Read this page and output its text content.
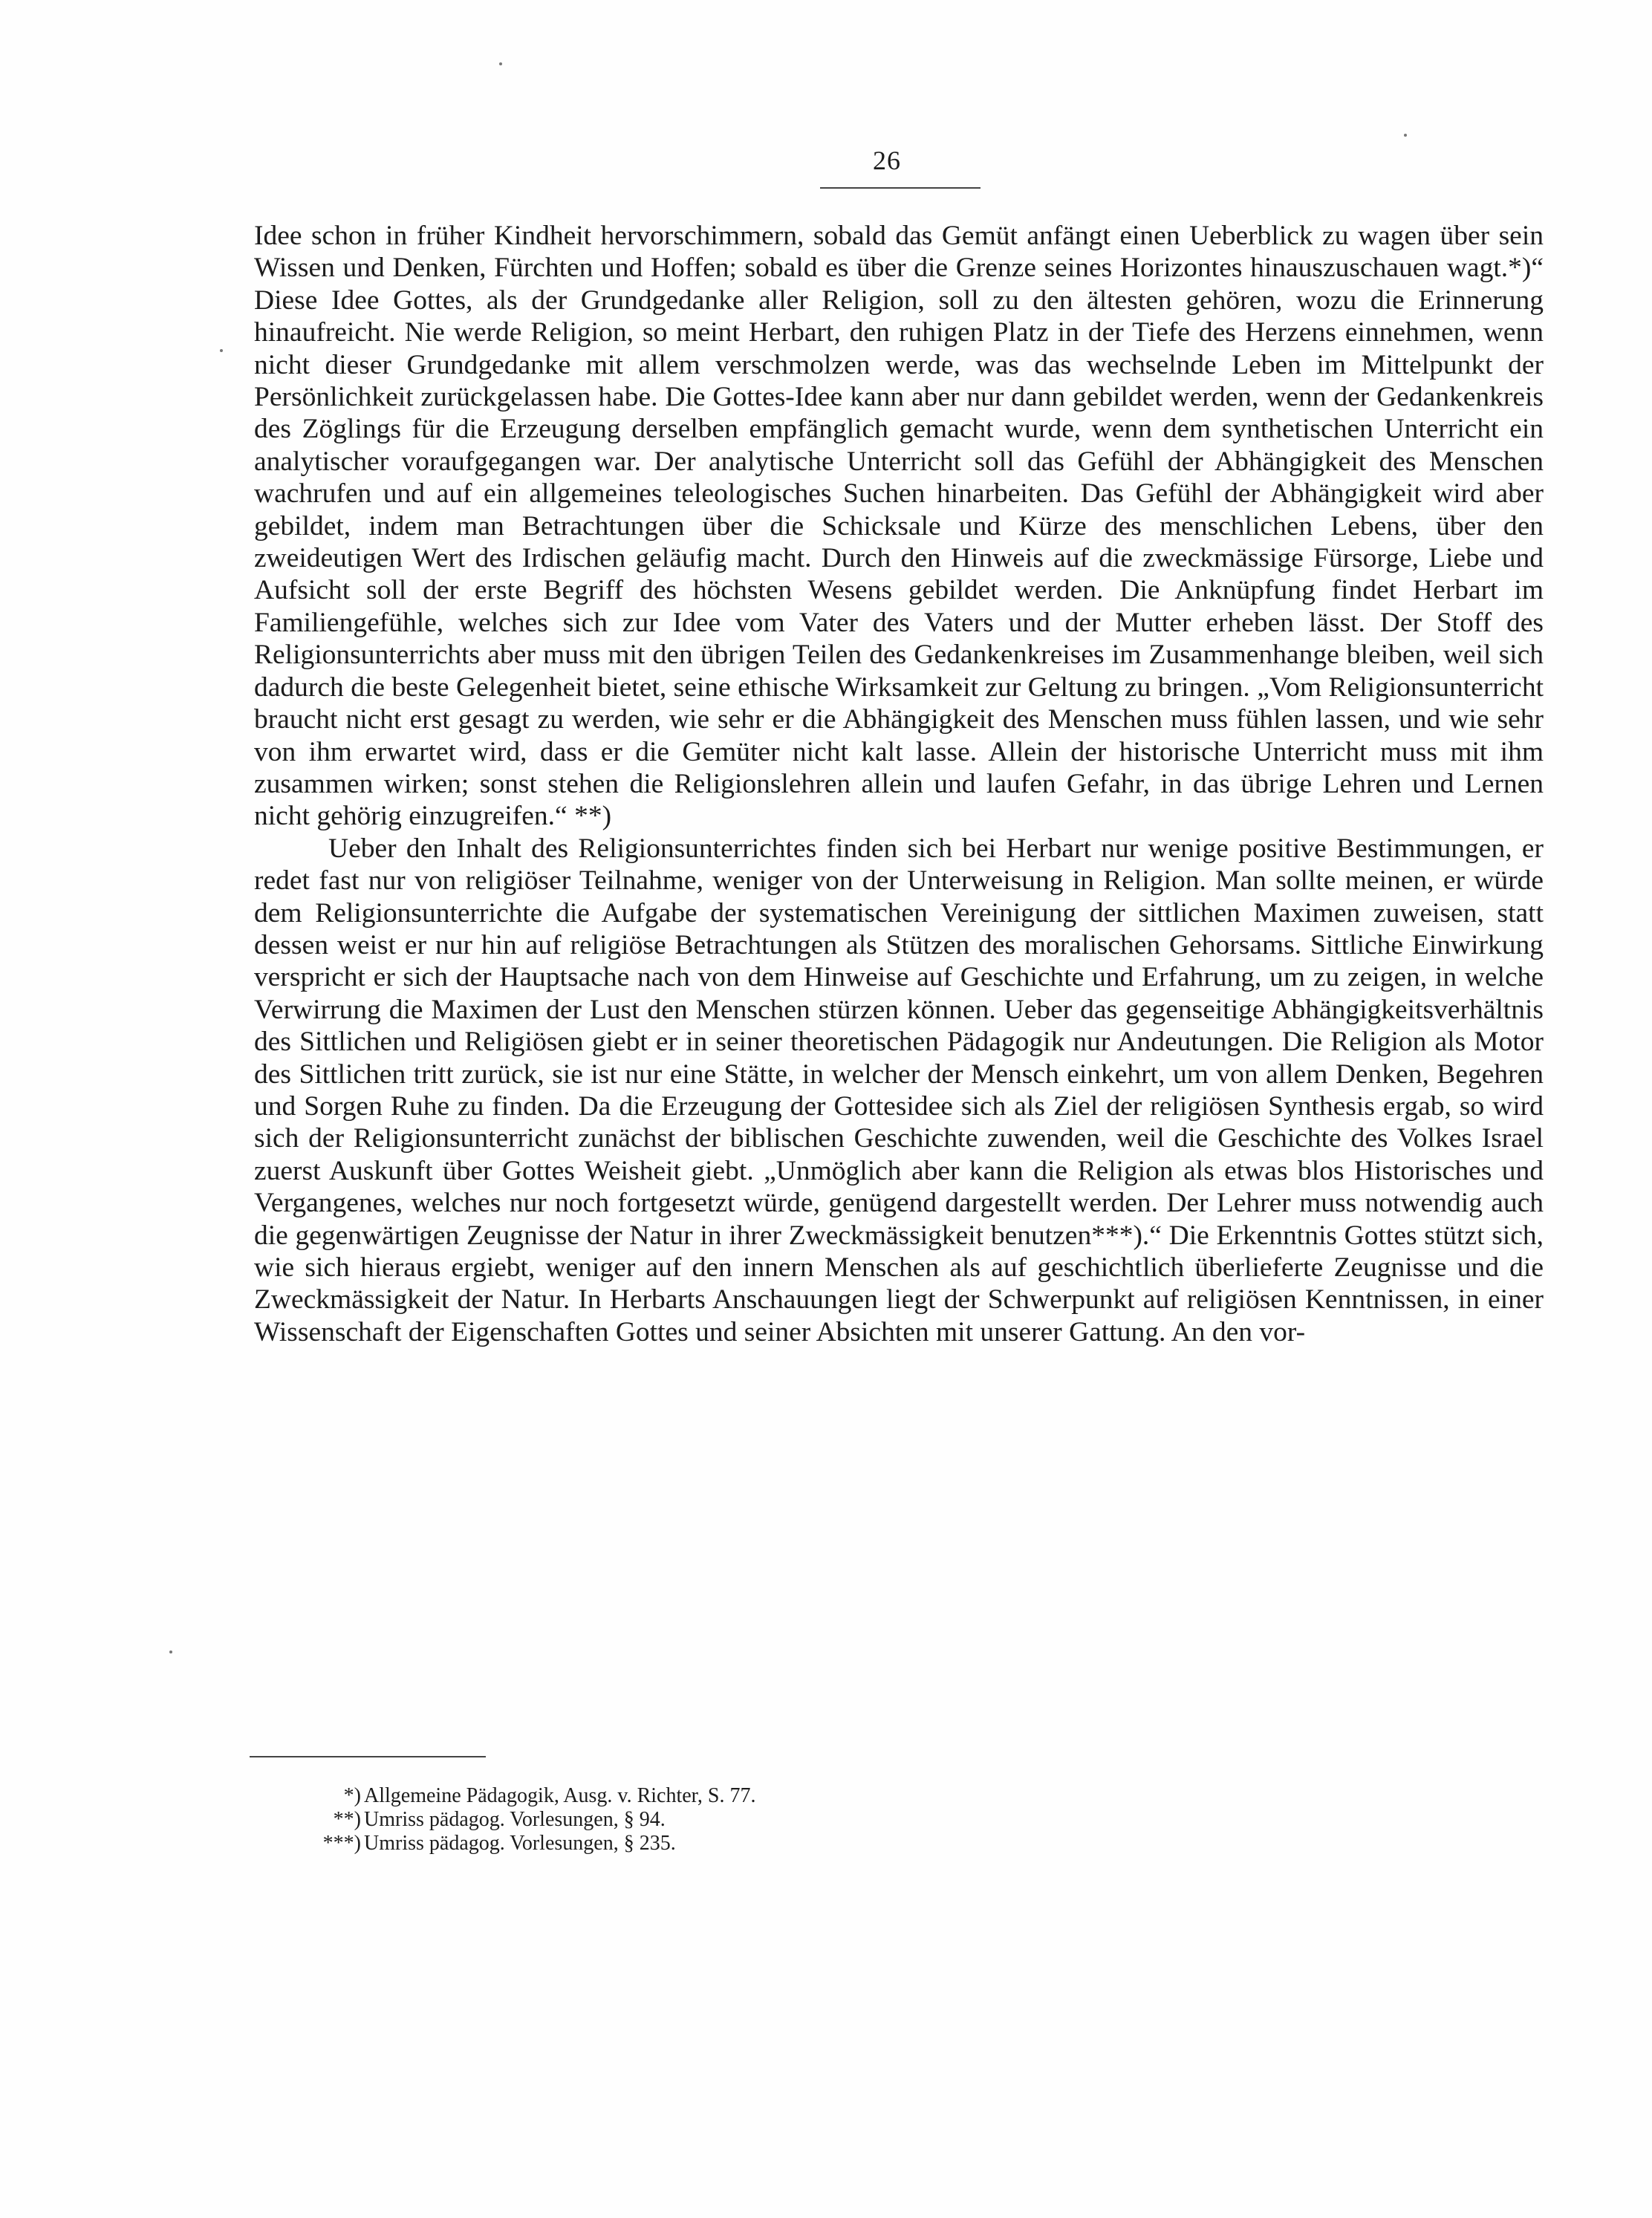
26

Idee schon in früher Kindheit hervorschimmern, sobald das Gemüt anfängt einen Ueberblick zu wagen über sein Wissen und Denken, Fürchten und Hoffen; sobald es über die Grenze seines Horizontes hinauszuschauen wagt.*)“ Diese Idee Gottes, als der Grundgedanke aller Religion, soll zu den ältesten gehören, wozu die Erinnerung hinaufreicht. Nie werde Religion, so meint Herbart, den ruhigen Platz in der Tiefe des Herzens einnehmen, wenn nicht dieser Grundgedanke mit allem verschmolzen werde, was das wechselnde Leben im Mittelpunkt der Persönlichkeit zurückgelassen habe. Die Gottes-Idee kann aber nur dann gebildet werden, wenn der Gedankenkreis des Zöglings für die Erzeugung derselben empfänglich gemacht wurde, wenn dem synthetischen Unterricht ein analytischer voraufgegangen war. Der analytische Unterricht soll das Gefühl der Abhängigkeit des Menschen wachrufen und auf ein allgemeines teleologisches Suchen hinarbeiten. Das Gefühl der Abhängigkeit wird aber gebildet, indem man Betrachtungen über die Schicksale und Kürze des menschlichen Lebens, über den zweideutigen Wert des Irdischen geläufig macht. Durch den Hinweis auf die zweckmässige Fürsorge, Liebe und Aufsicht soll der erste Begriff des höchsten Wesens gebildet werden. Die Anknüpfung findet Herbart im Familiengefühle, welches sich zur Idee vom Vater des Vaters und der Mutter erheben lässt. Der Stoff des Religionsunterrichts aber muss mit den übrigen Teilen des Gedankenkreises im Zusammenhange bleiben, weil sich dadurch die beste Gelegenheit bietet, seine ethische Wirksamkeit zur Geltung zu bringen. „Vom Religionsunterricht braucht nicht erst gesagt zu werden, wie sehr er die Abhängigkeit des Menschen muss fühlen lassen, und wie sehr von ihm erwartet wird, dass er die Gemüter nicht kalt lasse. Allein der historische Unterricht muss mit ihm zusammen wirken; sonst stehen die Religionslehren allein und laufen Gefahr, in das übrige Lehren und Lernen nicht gehörig einzugreifen.“ **)

Ueber den Inhalt des Religionsunterrichtes finden sich bei Herbart nur wenige positive Bestimmungen, er redet fast nur von religiöser Teilnahme, weniger von der Unterweisung in Religion. Man sollte meinen, er würde dem Religionsunterrichte die Aufgabe der systematischen Vereinigung der sittlichen Maximen zuweisen, statt dessen weist er nur hin auf religiöse Betrachtungen als Stützen des moralischen Gehorsams. Sittliche Einwirkung verspricht er sich der Hauptsache nach von dem Hinweise auf Geschichte und Erfahrung, um zu zeigen, in welche Verwirrung die Maximen der Lust den Menschen stürzen können. Ueber das gegenseitige Abhängigkeitsverhältnis des Sittlichen und Religiösen giebt er in seiner theoretischen Pädagogik nur Andeutungen. Die Religion als Motor des Sittlichen tritt zurück, sie ist nur eine Stätte, in welcher der Mensch einkehrt, um von allem Denken, Begehren und Sorgen Ruhe zu finden. Da die Erzeugung der Gottesidee sich als Ziel der religiösen Synthesis ergab, so wird sich der Religionsunterricht zunächst der biblischen Geschichte zuwenden, weil die Geschichte des Volkes Israel zuerst Auskunft über Gottes Weisheit giebt. „Unmöglich aber kann die Religion als etwas blos Historisches und Vergangenes, welches nur noch fortgesetzt würde, genügend dargestellt werden. Der Lehrer muss notwendig auch die gegenwärtigen Zeugnisse der Natur in ihrer Zweckmässigkeit benutzen***).“ Die Erkenntnis Gottes stützt sich, wie sich hieraus ergiebt, weniger auf den innern Menschen als auf geschichtlich überlieferte Zeugnisse und die Zweckmässigkeit der Natur. In Herbarts Anschauungen liegt der Schwerpunkt auf religiösen Kenntnissen, in einer Wissenschaft der Eigenschaften Gottes und seiner Absichten mit unserer Gattung. An den vor-

*) Allgemeine Pädagogik, Ausg. v. Richter, S. 77.
**) Umriss pädagog. Vorlesungen, § 94.
***) Umriss pädagog. Vorlesungen, § 235.
